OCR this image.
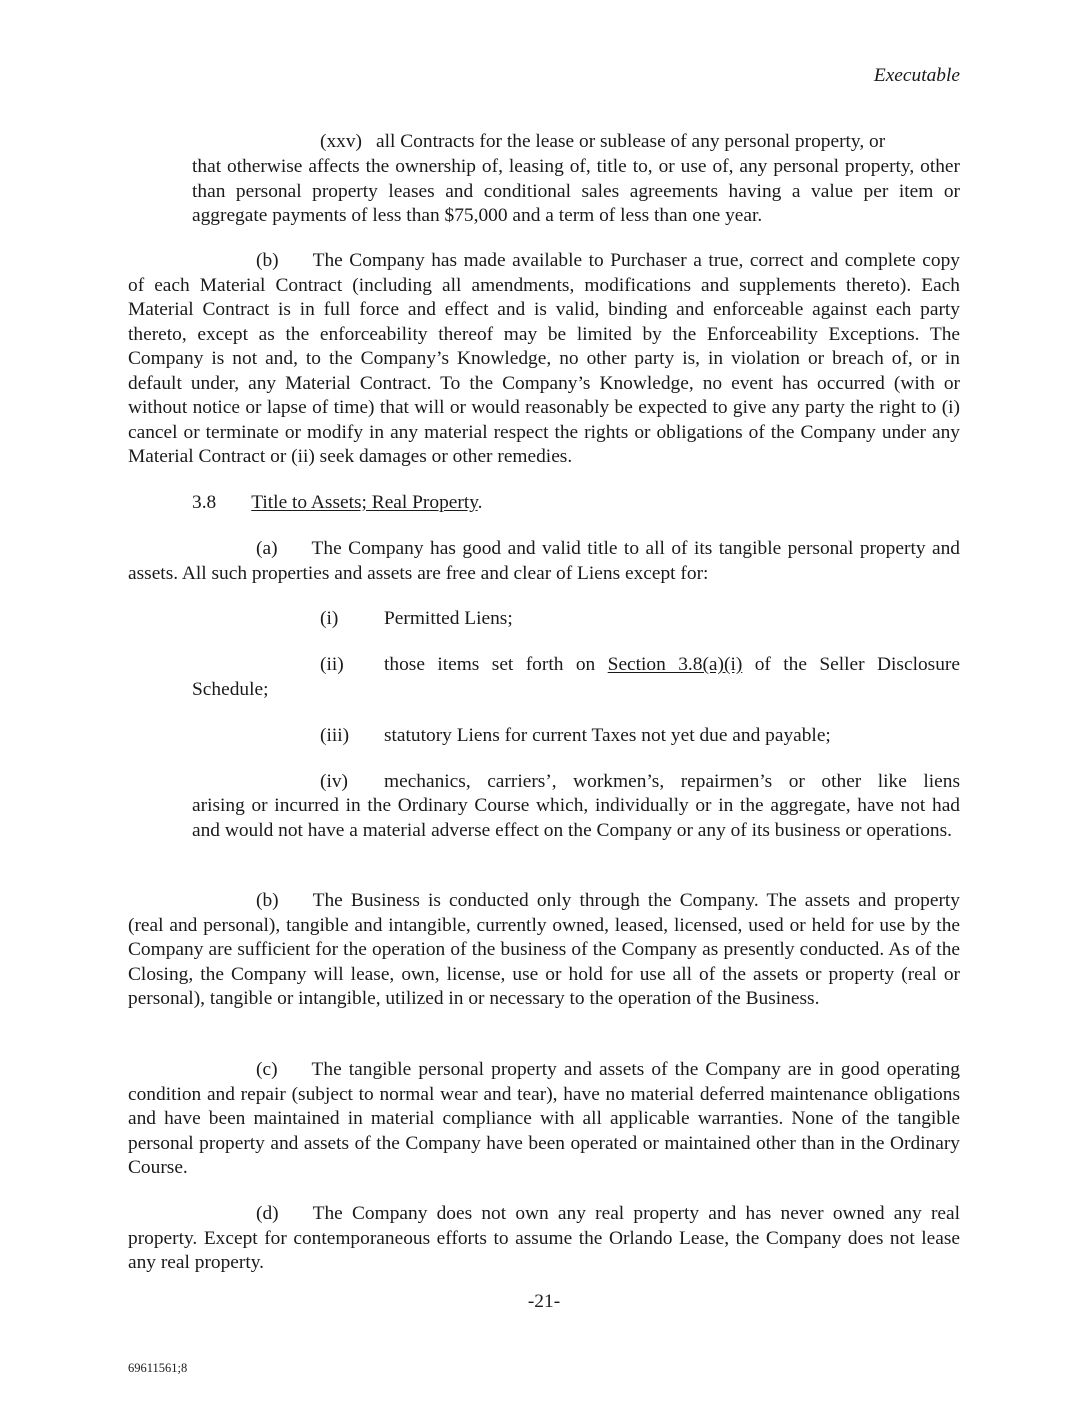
Executable
(xxv) all Contracts for the lease or sublease of any personal property, or
that otherwise affects the ownership of, leasing of, title to, or use of, any personal property, other than personal property leases and conditional sales agreements having a value per item or aggregate payments of less than $75,000 and a term of less than one year.
(b) The Company has made available to Purchaser a true, correct and complete copy of each Material Contract (including all amendments, modifications and supplements thereto). Each Material Contract is in full force and effect and is valid, binding and enforceable against each party thereto, except as the enforceability thereof may be limited by the Enforceability Exceptions. The Company is not and, to the Company’s Knowledge, no other party is, in violation or breach of, or in default under, any Material Contract. To the Company’s Knowledge, no event has occurred (with or without notice or lapse of time) that will or would reasonably be expected to give any party the right to (i) cancel or terminate or modify in any material respect the rights or obligations of the Company under any Material Contract or (ii) seek damages or other remedies.
3.8 Title to Assets; Real Property.
(a) The Company has good and valid title to all of its tangible personal property and assets. All such properties and assets are free and clear of Liens except for:
(i) Permitted Liens;
(ii) those items set forth on Section 3.8(a)(i) of the Seller Disclosure
Schedule;
(iii) statutory Liens for current Taxes not yet due and payable;
(iv) mechanics, carriers’, workmen’s, repairmen’s or other like liens
arising or incurred in the Ordinary Course which, individually or in the aggregate, have not had and would not have a material adverse effect on the Company or any of its business or operations.
(b) The Business is conducted only through the Company. The assets and property (real and personal), tangible and intangible, currently owned, leased, licensed, used or held for use by the Company are sufficient for the operation of the business of the Company as presently conducted. As of the Closing, the Company will lease, own, license, use or hold for use all of the assets or property (real or personal), tangible or intangible, utilized in or necessary to the operation of the Business.
(c) The tangible personal property and assets of the Company are in good operating condition and repair (subject to normal wear and tear), have no material deferred maintenance obligations and have been maintained in material compliance with all applicable warranties. None of the tangible personal property and assets of the Company have been operated or maintained other than in the Ordinary Course.
(d) The Company does not own any real property and has never owned any real property. Except for contemporaneous efforts to assume the Orlando Lease, the Company does not lease any real property.
-21-
69611561;8
